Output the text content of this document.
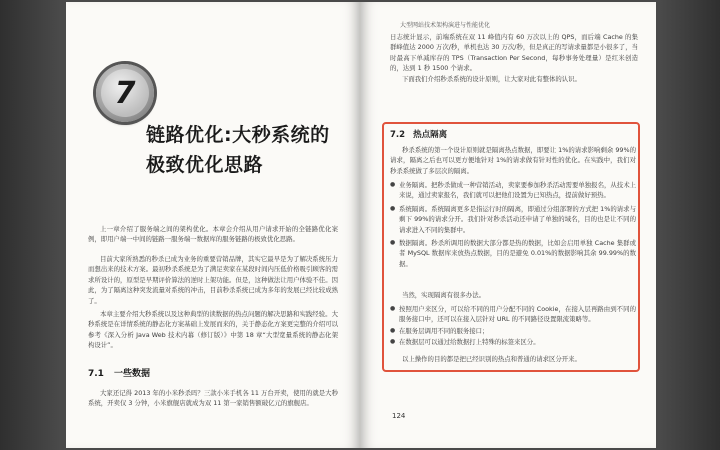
7
链路优化:大秒系统的
极致优化思路

上一章介绍了服务端之间的架构优化。本章会介绍从用户请求开始的全链路优化案例，即用户端一中间的链路一服务端一数据库的服务链路的极致优化思路。

目前大家所熟悉的秒杀已成为业务的重要营销品牌，其实它最早是为了解决系统压力而想出来的技术方案。最初秒杀系统是为了满足卖家在某段时间内压低价格吸引顾客的需求所设计的，原型是早期评价算法的逆时上架功能。但是，这种做法让用户体验不佳。因此，为了隔离这种突发流量对系统的冲击，目前秒杀系统已成为多年的发展已经比较成熟了。

本章主要介绍大秒系统以及这种典型的读数据的热点问题的解决思路和实践经验。大秒系统是在详情系统的静态化方案基础上发展而来的，关于静态化方案更完整的介绍可以参考《深入分析 Java Web 技术内幕（修订版）》中第 18 章“大型宽量系统的静态化架构设计”。

7.1 一些数据

大家还记得 2013 年的小米秒杀吗？三款小米手机各 11 万台开卖，使用的就是大秒系统，开卖仅 3 分钟，小米旗舰店就成为双 11 第一家销售额破亿元的旗舰店。

大型网站技术架构演进与性能优化

日志统计显示，前端系统在双 11 峰值内有 60 万次以上的 QPS，而后端 Cache 的集群峰值达 2000 万次/秒，单机也达 30 万次/秒，但是真正的写请求量都是小很多了，当时最高下单减库存的 TPS（Transaction Per Second，每秒事务处理量）是红米创造的，达到 1 秒 1500 个请求。

下面我们介绍秒杀系统的设计原则，让大家对此有整体的认识。

7.2 热点隔离

秒杀系统的第一个设计原则就是隔离热点数据，即要让 1%的请求影响剩余 99%的请求，隔离之后也可以更方便地针对 1%的请求做有针对性的优化。在实践中，我们对秒杀系统做了多层次的隔离。

● 业务隔离。把秒杀做成一种营销活动，卖家要参加秒杀活动需要单独报名，从技术上来说，通过卖家报名，我们就可以把他们设置为已知热点，提前做好预热。
● 系统隔离。系统隔离更多是指运行时的隔离，即通过分组部署的方式把 1%的请求与剩下 99%的请求分开。我们针对秒杀活动还申请了单独的域名，目的也是让不同的请求进入不同的集群中。
● 数据隔离。秒杀所调用的数据大部分都是热的数据，比如会启用单独 Cache 集群或者 MySQL 数据库来放热点数据，目的是避免 0.01%的数据影响其余 99.99%的数据。

当然，实现隔离有很多办法。

● 按照用户来区分，可以给不同的用户分配不同的 Cookie，在接入层再路由到不同的服务接口中，还可以在接入层针对 URL 的不同路径设置限流策略等。
● 在服务层调用不同的服务接口；
● 在数据层可以通过给数据打上特殊的标签来区分。

以上操作的目的都是把已经识别的热点和普通的请求区分开来。

124
